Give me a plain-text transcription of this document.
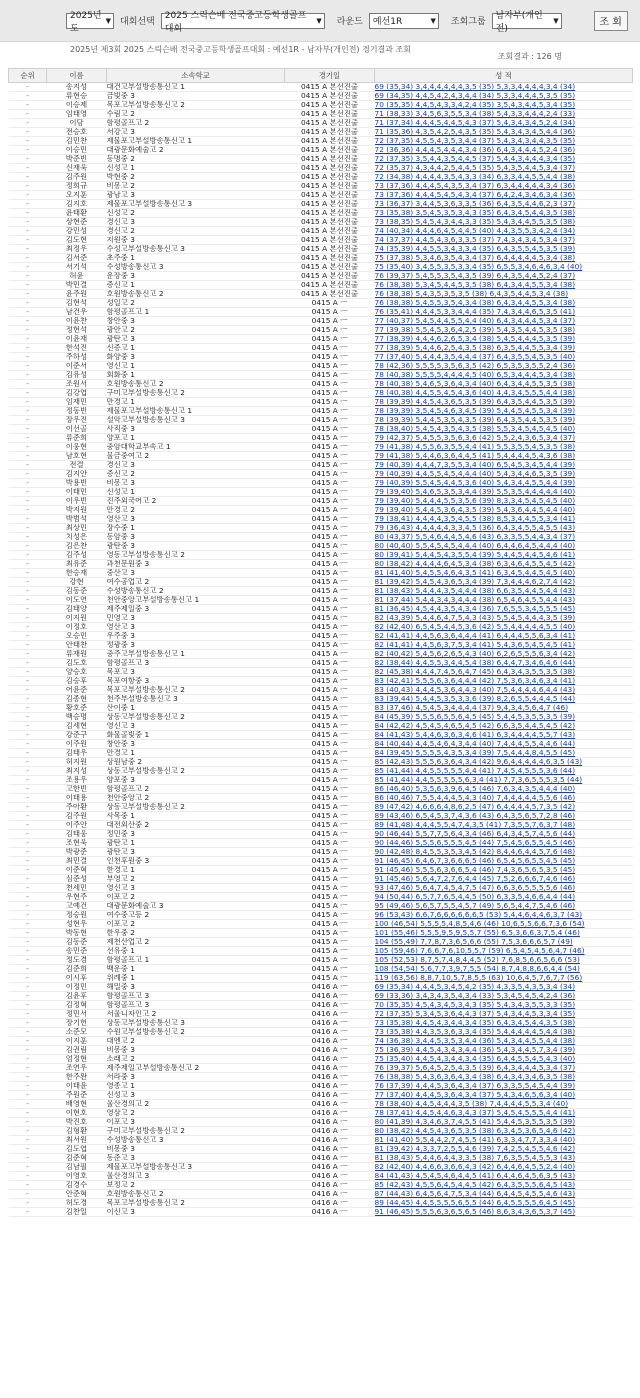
2025년도
▼ 대회선택
2025 스릭슨배 전국중고등학생골프대회
▼ 라운드 예선1R	▼ 조회그룹
남자부(개인전)
▼	조 회
2025년 제3회 2025 스릭슨배 전국중고등학생골프대회 : 예선1R - 남자부(개인전) 경기결과 조회
조회결과 : 126 명
순위	이름	소속학교	경기일	성 적
-	송지성	대건고부설방송통신고 1	0415 A 본선진출	69 (35,34) 3,4,4,4,4,4,4,3,5 (35) 5,3,3,4,4,4,4,3,4 (34)
-	류현승	금빛중 3	0415 A 본선진출	69 (34,35) 4,4,5,4,2,4,3,4,4 (34) 5,3,3,4,4,4,5,3,5 (35)
-	이승제	목포고부설방송통신고 2	0415 A 본선진출	70 (35,35) 4,4,5,4,3,3,4,2,4 (35) 3,5,4,3,4,4,5,3,4 (35)
-	임태영	수림고 2	0415 A 본선진출	71 (38,33) 3,4,5,6,3,5,5,3,4 (38) 5,4,3,3,4,4,4,2,4 (33)
-	이담	함평골프고 2	0415 A 본선진출	71 (37,34) 4,4,4,5,4,4,5,4,3 (37) 5,4,3,4,3,4,5,2,4 (34)
-	전승호	서강고 3	0415 A 본선진출	71 (35,36) 4,3,5,4,2,5,4,3,5 (35) 5,4,3,4,3,4,5,4,4 (36)
-	김민찬	제물포고부설방송통신고 1	0415 A 본선진출	72 (37,35) 4,5,5,4,3,5,3,4,4 (37) 5,4,3,4,3,4,4,3,5 (35)
-	이승민	대광문화예술고 2	0415 A 본선진출	72 (36,36) 4,4,4,5,4,4,4,3,4 (36) 6,4,3,4,4,4,5,2,4 (36)
-	박준빈	동명중 2	0415 A 본선진출	72 (37,35) 3,5,4,4,3,5,4,4,5 (37) 5,4,4,3,4,4,4,3,4 (35)
-	신재욱	신성고 1	0415 A 본선진출	72 (35,37) 4,3,4,4,2,5,4,4,5 (35) 5,4,3,5,4,4,5,3,4 (37)
-	김주원	박현중 2	0415 A 본선진출	72 (34,38) 4,4,4,4,3,5,4,3,3 (34) 6,3,3,4,4,5,5,4,4 (38)
-	정희규	비봉고 2	0415 A 본선진출	73 (37,36) 4,4,4,5,4,3,5,3,4 (37) 6,3,4,4,4,4,4,3,4 (36)
-	오지훈	광남고 3	0415 A 본선진출	73 (37,36) 4,4,4,5,4,5,4,3,4 (37) 6,4,2,4,3,4,6,3,4 (36)
-	김지호	제물포고부설방송통신고 3	0415 A 본선진출	73 (36,37) 3,4,4,5,3,6,3,3,5 (36) 6,4,3,5,4,4,6,2,3 (37)
-	윤태환	신성고 2	0415 A 본선진출	73 (35,38) 3,5,4,5,3,5,3,4,3 (35) 6,4,3,4,5,4,4,3,5 (38)
-	상현준	경신고 3	0415 A 본선진출	73 (38,35) 5,4,5,4,3,4,4,3,3 (35) 5,4,3,4,4,5,5,3,5 (38)
-	강민성	경신고 2	0415 A 본선진출	74 (40,34) 4,4,4,6,4,5,4,4,5 (40) 4,4,3,5,5,3,4,2,4 (34)
-	김도현	지원중 3	0415 A 본선진출	74 (37,37) 4,4,5,4,3,6,3,3,5 (37) 7,4,3,4,3,4,5,3,4 (37)
-	최정우	수성고부설방송통신고 3	0415 A 본선진출	74 (35,39) 4,4,5,5,3,4,3,3,4 (35) 6,4,3,5,5,4,5,3,5 (39)
-	김서준	초주중 1	0415 A 본선진출	75 (37,38) 5,3,4,6,3,5,4,3,4 (37) 6,4,4,4,4,4,5,3,4 (38)
-	서기석	수성방송통신고 3	0415 A 본선진출	75 (35,40) 3,4,5,5,3,5,3,3,4 (35) 6,5,5,3,4,6,4,6,3,4 (40)
-	허윤	운장중 3	0415 A 본선진출	76 (39,37) 5,4,5,5,3,5,4,3,5 (39) 6,4,3,5,4,4,5,2,4 (37)
-	박민결	증신고 1	0415 A 본선진출	76 (38,38) 5,3,4,5,4,4,5,3,5 (38) 6,4,3,4,4,5,5,3,4 (38)
-	윤주원	호원방송통신고 2	0415 A 본선진출	76 (38,38) 5,4,3,5,3,5,3,5 (38) 6,4,3,5,4,4,5,3,4 (38)
-	김현석	성일고 2	0415 A ㅡ	76 (38,38) 5,4,5,5,3,5,4,3,4 (38) 6,4,3,4,4,5,5,3,4 (38)
-	남건우	함평골프고 1	0415 A ㅡ	76 (35,41) 4,4,4,5,3,3,4,4,4 (35) 7,4,3,4,4,6,5,3,5 (41)
-	이윤찬	창안중 3	0415 A ㅡ	77 (40,37) 5,4,5,4,4,5,5,4,4 (40) 6,4,3,4,4,4,5,3,4 (37)
-	정현석	광안고 2	0415 A ㅡ	77 (39,38) 5,5,4,5,3,6,4,2,5 (39) 5,4,3,5,4,4,5,3,5 (38)
-	이윤재	광탄고 3	0415 A ㅡ	77 (38,39) 4,4,4,6,2,6,5,3,4 (38) 5,4,5,4,4,4,5,3,5 (39)
-	한석진	신증고 1	0415 A ㅡ	77 (38,39) 5,4,4,6,2,5,4,3,5 (38) 6,3,5,4,4,5,5,3,4 (39)
-	주하성	화양중 3	0415 A ㅡ	77 (37,40) 5,4,4,4,3,5,4,4,4 (37) 6,4,3,5,5,4,5,3,5 (40)
-	이준서	영신고 1	0415 A ㅡ	78 (42,36) 5,5,5,5,3,5,6,3,5 (42) 6,5,3,5,3,5,5,2,4 (36)
-	김유성	회화중 1	0415 A ㅡ	78 (40,38) 5,5,5,5,4,4,4,4,5 (40) 6,5,3,4,4,4,5,3,4 (38)
-	조원서	호원방송통신고 2	0415 A ㅡ	78 (40,38) 5,4,6,5,3,6,4,3,4 (40) 6,4,3,4,4,5,5,3,5 (38)
-	김강엽	구미고부설방송통신고 2	0415 A ㅡ	78 (40,38) 4,4,5,5,4,5,4,3,6 (40) 4,4,3,4,5,5,5,4,4 (38)
-	임재민	만경고 1	0415 A ㅡ	78 (39,39) 4,4,5,4,3,6,5,3,5 (39) 6,4,3,5,4,4,5,3,5 (39)
-	정동빈	제물포고부설방송통신고 1	0415 A ㅡ	78 (39,39) 3,5,4,5,4,6,3,4,5 (39) 5,4,4,5,4,5,5,3,4 (39)
-	장우진	설악고부설방송통신고 3	0415 A ㅡ	78 (39,39) 5,4,4,5,3,5,4,3,5 (39) 6,4,3,5,4,4,5,3,5 (39)
-	이선골	사직중 3	0415 A ㅡ	78 (38,40) 5,4,5,4,3,5,4,3,5 (38) 5,5,3,4,5,4,5,4,5 (40)
-	류준희	양포고 1	0415 A ㅡ	79 (42,37) 5,4,5,5,3,5,6,3,6 (42) 5,5,2,4,3,6,5,3,4 (37)
-	이웅현	충암대학교부속고 1	0415 A ㅡ	79 (41,38) 4,5,5,6,3,5,5,4,4 (41) 5,5,3,5,5,4,5,3,5 (38)
-	남호현	물금중여고 2	0415 A ㅡ	79 (41,38) 5,4,4,6,3,6,4,4,5 (41) 5,4,4,4,4,5,4,3,6 (38)
-	전결	경신고 3	0415 A ㅡ	79 (40,39) 4,4,4,7,3,5,5,3,4 (40) 6,5,4,5,3,4,5,4,4 (39)
-	김지안	증신고 2	0415 A ㅡ	79 (40,39) 4,4,5,5,4,5,4,4,4 (40) 5,4,3,4,4,6,5,3,5 (39)
-	박용빈	비봉고 3	0415 A ㅡ	79 (40,39) 5,5,4,5,4,4,5,3,6 (40) 5,4,3,4,4,5,5,4,4 (39)
-	이태민	신성고 1	0415 A ㅡ	79 (39,40) 5,4,6,5,3,5,3,4,4 (39) 5,5,3,5,4,4,4,4,4 (40)
-	이우빈	진주외국어고 2	0415 A ㅡ	79 (39,40) 5,4,4,4,5,5,3,5,6 (39) 8,3,3,4,5,4,5,4,5 (40)
-	박지원	안경고 2	0415 A ㅡ	79 (39,40) 5,4,4,5,3,6,4,3,5 (39) 5,4,3,6,4,4,5,4,4 (40)
-	박범석	영산고 3	0415 A ㅡ	79 (38,41) 4,4,4,4,3,5,4,5,5 (38) 8,5,3,4,4,5,5,3,4 (41)
-	최상민	장수중 1	0415 A ㅡ	79 (36,43) 4,4,4,4,4,3,3,4,5 (36) 6,4,3,4,5,5,4,5,5 (43)
-	치성은	동암중 3	0415 A ㅡ	80 (43,37) 5,5,4,6,4,4,5,4,6 (43) 6,3,3,5,5,4,4,3,4 (37)
-	김은찬	광탄중 3	0415 A ㅡ	80 (40,40) 5,5,4,5,4,5,4,4,4 (40) 6,4,4,6,4,5,4,4,4 (40)
-	김주성	영동고부설방송통신고 2	0415 A ㅡ	80 (39,41) 5,4,4,5,4,3,5,5,4 (39) 5,4,4,5,4,4,5,4,6 (41)
-	최유준	과천문원중 3	0415 A ㅡ	80 (38,42) 4,4,4,4,6,4,5,3,4 (38) 6,3,4,6,4,5,5,4,5 (42)
-	한승재	중산고 3	0415 A ㅡ	81 (41,40) 5,4,5,5,4,6,4,3,5 (41) 6,3,4,5,4,4,5,4,5 (40)
-	강현	여수공업고 2	0415 A ㅡ	81 (39,42) 5,4,5,4,3,6,5,3,4 (39) 7,3,4,4,4,6,2,7,4 (42)
-	김동준	수성방송통신고 2	0415 A ㅡ	81 (38,43) 5,4,4,4,3,5,4,4,4 (38) 6,6,3,5,4,4,5,4,4 (43)
-	이도연	천안중앙고부설방송통신고 1	0415 A ㅡ	81 (37,44) 5,4,4,3,4,3,4,4,4 (38) 6,5,4,6,4,5,5,4,4 (43)
-	김태양	제주제일중 3	0415 A ㅡ	81 (36,45) 4,5,4,4,3,5,4,3,4 (36) 7,6,5,5,3,4,5,5,5 (45)
-	이지원	민영고 3	0415 A ㅡ	82 (43,39) 5,4,4,6,4,7,5,4,3 (43) 5,5,4,5,4,4,4,3,5 (39)
-	이정호	영산고 3	0415 A ㅡ	82 (42,40) 6,5,4,5,4,4,5,3,6 (42) 5,5,4,4,4,4,4,5,5 (40)
-	오승민	우주중 3	0415 A ㅡ	82 (41,41) 4,4,5,6,3,6,4,4,4 (41) 6,4,4,4,5,5,6,3,4 (41)
-	안태찬	정광중 3	0415 A ㅡ	82 (41,41) 4,4,5,6,3,7,5,3,4 (41) 5,4,3,6,5,4,5,4,5 (41)
-	류재원	충주고부설방송통신고 1	0415 A ㅡ	82 (40,42) 5,4,5,6,2,6,5,4,3 (40) 6,2,6,5,5,5,6,3,4 (42)
-	김도호	함평골프고 3	0415 A ㅡ	82 (38,44) 4,4,5,5,3,4,4,5,4 (38) 6,4,4,7,3,4,6,4,6 (44)
-	양승호	목포고 3	0415 A ㅡ	82 (45,38) 4,4,4,7,4,5,6,4,7 (45) 6,4,3,4,3,5,5,3,5 (38)
-	김승후	목포여항중 3	0415 A ㅡ	83 (42,41) 5,5,5,6,3,6,4,4,4 (42) 7,5,3,6,3,4,6,3,4 (41)
-	어윤준	목포고부설방송통신고 2	0415 A ㅡ	83 (40,43) 4,4,4,5,3,6,4,4,3 (40) 7,5,4,4,4,4,6,4,4 (43)
-	김종현	천주부설방송통신고 3	0415 A ㅡ	83 (39,44) 5,4,4,5,3,5,3,3,6 (39) 8,2,6,5,5,4,4,4,5 (44)
-	황호준	산이중 1	0415 A ㅡ	83 (37,46) 4,5,4,5,3,4,4,4,4 (37) 9,4,3,4,5,6,4,7 (46)
-	백승명	상동고부설방송통신고 2	0415 A ㅡ	84 (45,39) 5,5,5,6,5,5,6,4,5 (45) 5,4,4,5,3,5,5,3,5 (39)
-	김세현	영신고 3	0415 A ㅡ	84 (42,42) 4,5,4,5,4,6,5,4,5 (42) 6,6,3,5,4,4,5,4,5 (42)
-	강준구	화물골빛중 1	0415 A ㅡ	84 (41,43) 5,4,4,6,3,6,3,4,6 (41) 6,3,4,4,4,4,5,5,7 (43)
-	이주원	창안중 3	0415 A ㅡ	84 (40,44) 4,4,5,4,6,4,3,4,4 (40) 7,4,4,4,5,5,4,4,6 (44)
-	김태우	안경고 1	0415 A ㅡ	84 (39,45) 5,5,5,5,4,3,5,3,4 (39) 7,5,4,4,4,8,4,5,5 (45)
-	허지원	상원남중 2	0415 A ㅡ	85 (42,43) 5,5,5,6,3,6,4,3,4 (42) 9,6,4,4,4,4,4,6,3,5 (43)
-	최지성	상동고부설방송통신고 2	0415 A ㅡ	85 (41,44) 4,4,5,5,5,5,5,4,4 (41) 7,4,5,4,5,5,5,3,6 (44)
-	조용우	양포중 3	0415 A ㅡ	85 (41,44) 4,4,5,5,5,5,5,6,3,4 (41) 7,7,3,6,5,5,5,3,5 (44)
-	고한빈	함평골프고 2	0415 A ㅡ	86 (46,40) 5,3,5,6,3,9,6,4,5 (46) 7,6,3,4,3,5,4,4,4 (40)
-	이태용	천안중앙고 2	0415 A ㅡ	86 (40,46) 7,5,5,4,4,4,5,4,3 (40) 7,4,4,4,4,4,5,5,6 (46)
-	주아환	상동고부설방송통신고 2	0415 A ㅡ	89 (47,42) 4,6,6,6,4,8,6,2,5 (47) 6,4,4,4,4,5,7,3,5 (42)
-	김주원	사목중 1	0415 A ㅡ	89 (43,46) 6,5,4,5,3,7,4,3,6 (43) 6,4,3,5,6,5,7,2,8 (46)
-	이주안	대전외산중 2	0415 A ㅡ	89 (41,48) 4,4,4,5,5,4,7,4,3,5 (41) 7,3,5,5,7,6,3,7 (48)
-	김태웅	정민중 3	0415 A ㅡ	90 (46,44) 5,5,7,7,5,6,4,3,4 (46) 6,4,3,4,5,7,4,5,6 (44)
-	조현욱	광탄고 1	0415 A ㅡ	90 (44,46) 5,5,5,6,5,5,5,4,5 (44) 7,5,4,5,6,5,5,4,5 (46)
-	박광준	광탄고 3	0415 A ㅡ	90 (42,48) 8,4,5,5,3,5,3,4,5 (42) 8,4,4,6,4,4,5,7,6 (48)
-	최민결	인천후원중 3	0415 A ㅡ	91 (46,45) 6,4,6,7,3,6,6,6,5 (46) 6,5,4,5,6,5,5,4,5 (45)
-	이준혁	한경고 1	0415 A ㅡ	91 (45,46) 5,5,5,6,3,6,6,5,4 (46) 7,4,3,6,5,6,5,3,5 (45)
-	심준성	부영고 2	0415 A ㅡ	91 (45,46) 5,6,4,7,2,7,6,4,4 (45) 7,5,2,6,6,6,7,4,6 (46)
-	천세민	영신고 3	0415 A ㅡ	93 (47,46) 5,6,4,7,4,5,4,7,5 (47) 6,6,3,6,5,5,5,5,6 (46)
-	우현주	이포고 2	0415 A ㅡ	94 (50,44) 6,5,7,7,6,5,4,4,5 (50) 6,3,3,5,4,6,6,4,4 (44)
-	고예건	대광문화예술고 3	0415 A ㅡ	95 (49,46) 5,6,5,7,5,5,4,5,7 (49) 5,6,5,4,4,7,5,4,6 (46)
-	정승원	여수중고등 2	0415 A ㅡ	96 (53,43) 6,6,7,6,6,6,6,6,6,5 (53) 5,4,4,6,4,4,6,3,7 (43)
-	성현우	이포고 2	0415 A ㅡ	100 (46,54) 5,5,5,5,4,8,5,4,6 (46) 10,6,5,5,6,6,7,3,6 (54)
-	박동현	한우중 2	0415 A ㅡ	101 (55,46) 5,5,5,9,5,9,5,5,7 (55) 6,5,3,6,6,3,7,5,4 (46)
-	김동준	제천산업고 2	0415 A ㅡ	104 (55,49) 7,7,8,7,3,6,5,6,6 (55) 7,5,3,6,6,6,5,7 (49)
-	송민준	선유중 1	0415 A ㅡ	105 (59,46) 7,6,6,7,6,10,5,5,7 (59) 6,5,4,5,4,5,6,4,7 (46)
-	정도겸	함평골프고 1	0415 A ㅡ	105 (52,53) 8,7,5,7,4,8,4,4,5 (52) 7,6,8,5,6,6,5,6,6 (53)
-	김준희	백운중 1	0415 A ㅡ	108 (54,54) 5,6,7,7,3,9,7,5,5 (54) 8,7,4,8,8,6,6,4,4 (54)
-	이시후	위례중 1	0415 A ㅡ	119 (63,56) 8,8,7,10,5,7,8,5,5 (63) 10,6,4,5,7,6,7,7 (56)
-	이정민	해밀중 3	0416 A ㅡ	69 (35,34) 4,4,4,5,3,4,5,4,2 (35) 4,3,3,5,4,3,5,3,4 (34)
-	김윤후	함평골프고 3	0416 A ㅡ	69 (33,36) 3,4,3,4,3,5,4,3,4 (33) 5,3,4,5,4,5,4,2,4 (36)
-	김정혁	함평골프고 3	0416 A ㅡ	70 (35,35) 4,5,4,3,4,5,3,4,3 (35) 5,4,3,4,3,5,5,3,3 (35)
-	정민서	서울니자인고 2	0416 A ㅡ	72 (37,35) 5,3,4,5,3,6,4,4,3 (37) 5,4,3,4,4,5,3,3,4 (35)
-	장기헌	상동고부설방송통신고 3	0416 A ㅡ	73 (35,38) 4,4,5,4,3,4,4,3,4 (35) 6,4,3,4,5,4,4,3,5 (38)
-	소준모	수원고부설방송통신고 2	0416 A ㅡ	73 (35,38) 4,4,3,5,3,6,3,3,4 (35) 5,4,4,4,4,4,5,4,4 (38)
-	이지훈	대엔고 2	0416 A ㅡ	74 (36,38) 3,4,4,5,3,5,3,4,4 (36) 5,4,3,4,4,5,5,4,4 (38)
-	김권림	비봉중 3	0416 A ㅡ	75 (36,39) 4,4,5,4,3,4,3,4,4 (36) 5,4,3,4,4,5,7,3,4 (39)
-	엄정현	소래고 2	0416 A ㅡ	75 (35,40) 4,4,5,4,3,4,4,3,4 (35) 6,4,4,5,5,4,5,4,3 (40)
-	조연우	제주제일고부설방송통신고 2	0416 A ㅡ	76 (39,37) 5,6,4,5,2,5,4,3,5 (39) 6,4,3,4,4,4,5,3,4 (37)
-	한주완	서라중 3	0416 A ㅡ	76 (38,38) 5,4,3,6,3,6,4,3,4 (38) 6,4,3,4,3,4,6,3,5 (38)
-	이태윤	영종고 1	0416 A ㅡ	76 (37,39) 4,4,4,5,3,6,4,3,4 (37) 6,3,3,5,5,4,5,4,4 (39)
-	주원준	신성고 3	0416 A ㅡ	77 (37,40) 4,4,4,5,3,6,4,3,4 (37) 5,4,3,4,6,5,6,3,4 (40)
-	배영현	울산경의고 2	0416 A ㅡ	78 (38,40) 4,4,5,4,4,4,3,5 (38) 7,4,4,4,4,5,5,3,4 (40)
-	이현호	영삼고 2	0416 A ㅡ	78 (37,41) 4,4,5,4,4,6,3,4,3 (37) 5,4,5,4,5,5,5,4,4 (41)
-	박진호	이포고 3	0416 A ㅡ	80 (41,39) 4,3,4,6,3,7,4,5,5 (41) 5,4,4,5,3,5,5,3,5 (39)
-	김형환	구미고부설방송통신고 2	0416 A ㅡ	80 (38,42) 4,4,5,4,3,6,5,3,5 (38) 6,3,4,5,3,6,5,4,6 (42)
-	최서원	수성방송통신고 3	0416 A ㅡ	81 (41,40) 5,5,4,4,2,7,4,5,5 (41) 6,3,3,4,7,7,3,3,4 (40)
-	김도엽	비봉중 3	0416 A ㅡ	81 (39,42) 4,3,3,7,2,5,5,4,6 (39) 7,4,2,5,4,5,5,4,6 (42)
-	김준혁	동준고 3	0416 A ㅡ	81 (38,43) 5,4,4,6,4,4,3,3,5 (38) 7,6,3,5,5,4,5,5,3 (43)
-	김남필	제물포고부설방송통신고 3	0416 A ㅡ	82 (42,40) 4,4,6,6,3,6,6,4,3 (42) 6,4,4,6,4,5,5,2,4 (40)
-	이영호	울산경의고 3	0416 A ㅡ	84 (41,43) 4,5,4,5,4,6,4,4,5 (41) 6,4,4,6,4,5,6,3,5 (43)
-	김경수	보정고 2	0416 A ㅡ	85 (42,43) 4,5,5,6,4,5,4,4,5 (42) 6,4,3,5,5,5,6,4,5 (43)
-	안준혁	호원방송통신고 2	0416 A ㅡ	87 (44,43) 6,4,5,6,4,7,5,3,4 (44) 6,4,4,5,4,5,5,4,6 (43)
-	허도경	목포고부설방송통신고 2	0416 A ㅡ	89 (44,45) 4,4,5,5,5,5,6,5,5 (44) 6,4,5,5,5,5,6,4,5 (45)
-	김찬일	이신고 3	0416 A ㅡ	91 (46,45) 5,5,5,6,3,6,5,6,5 (46) 8,6,3,4,3,6,5,3,7 (45)
